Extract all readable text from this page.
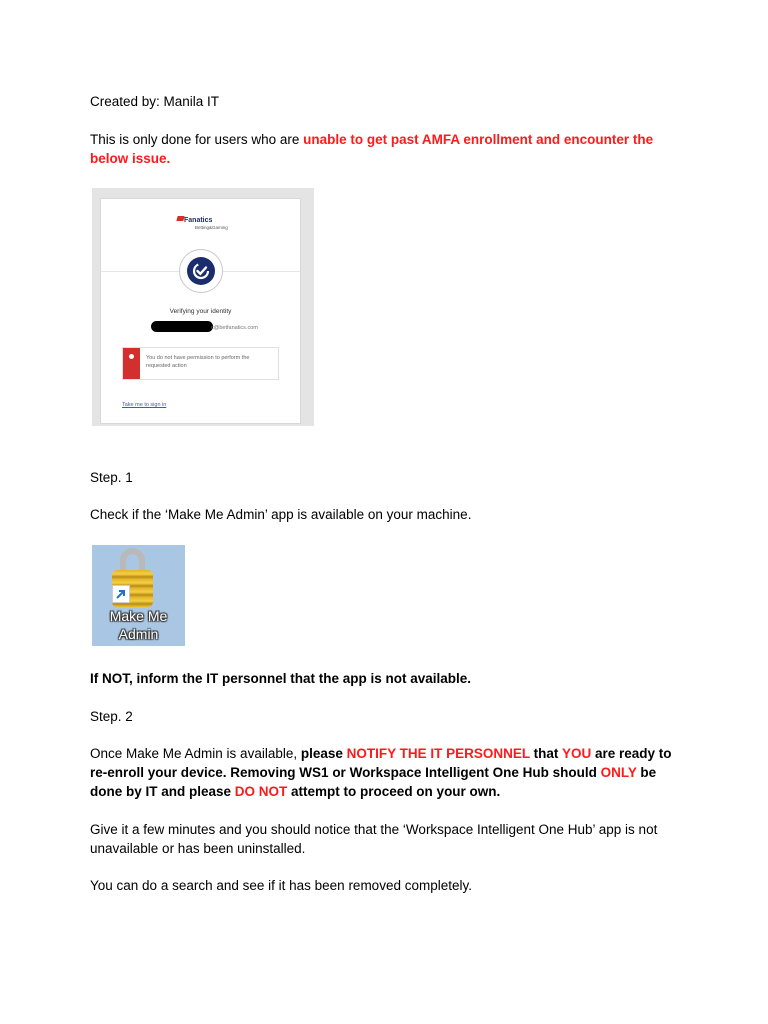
Created by: Manila IT

This is only done for users who are unable to get past AMFA enrollment and encounter the below issue.

Fanatics
Betting&Gaming
Verifying your identity
c@betfanatics.com
You do not have permission to perform the requested action
Take me to sign in

Step. 1

Check if the ‘Make Me Admin’ app is available on your machine.

Make Me Admin

If NOT, inform the IT personnel that the app is not available.

Step. 2

Once Make Me Admin is available, please NOTIFY THE IT PERSONNEL that YOU are ready to re-enroll your device. Removing WS1 or Workspace Intelligent One Hub should ONLY be done by IT and please DO NOT attempt to proceed on your own.

Give it a few minutes and you should notice that the ‘Workspace Intelligent One Hub’ app is not unavailable or has been uninstalled.

You can do a search and see if it has been removed completely.
